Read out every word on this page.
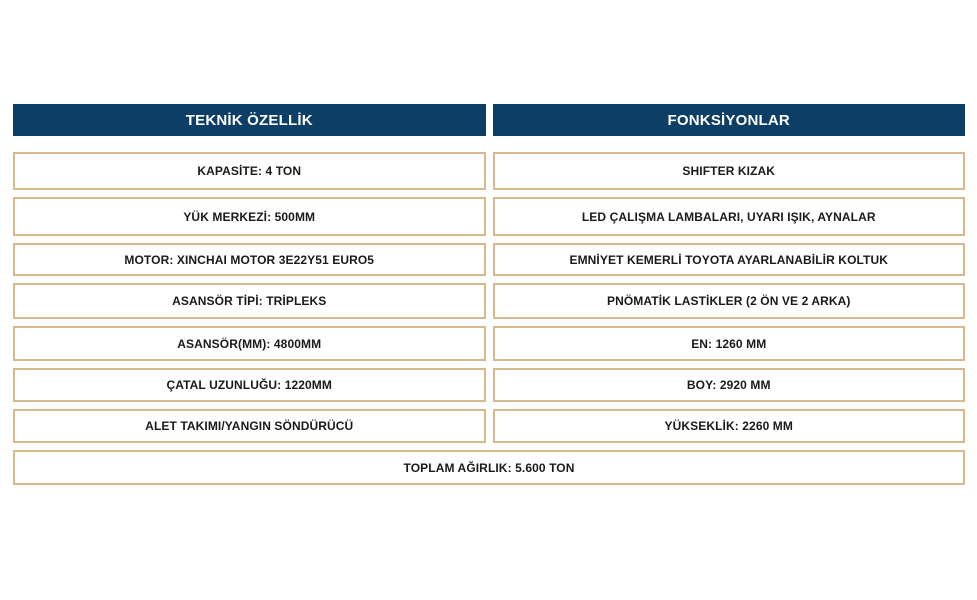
TEKNİK ÖZELLİK	FONKSİYONLAR
KAPASİTE: 4 TON	SHIFTER KIZAK
YÜK MERKEZİ: 500MM	LED ÇALIŞMA LAMBALARI, UYARI IŞIK, AYNALAR
MOTOR: XINCHAI MOTOR 3E22Y51 EURO5	EMNİYET KEMERLİ TOYOTA AYARLANABİLİR KOLTUK
ASANSÖR TİPİ: TRİPLEKS	PNÖMATİK LASTİKLER (2 ÖN VE 2 ARKA)
ASANSÖR(MM): 4800MM	EN: 1260 MM
ÇATAL UZUNLUĞU: 1220MM	BOY: 2920 MM
ALET TAKIMI/YANGIN SÖNDÜRÜCÜ	YÜKSEKLİK: 2260 MM
TOPLAM AĞIRLIK: 5.600 TON
